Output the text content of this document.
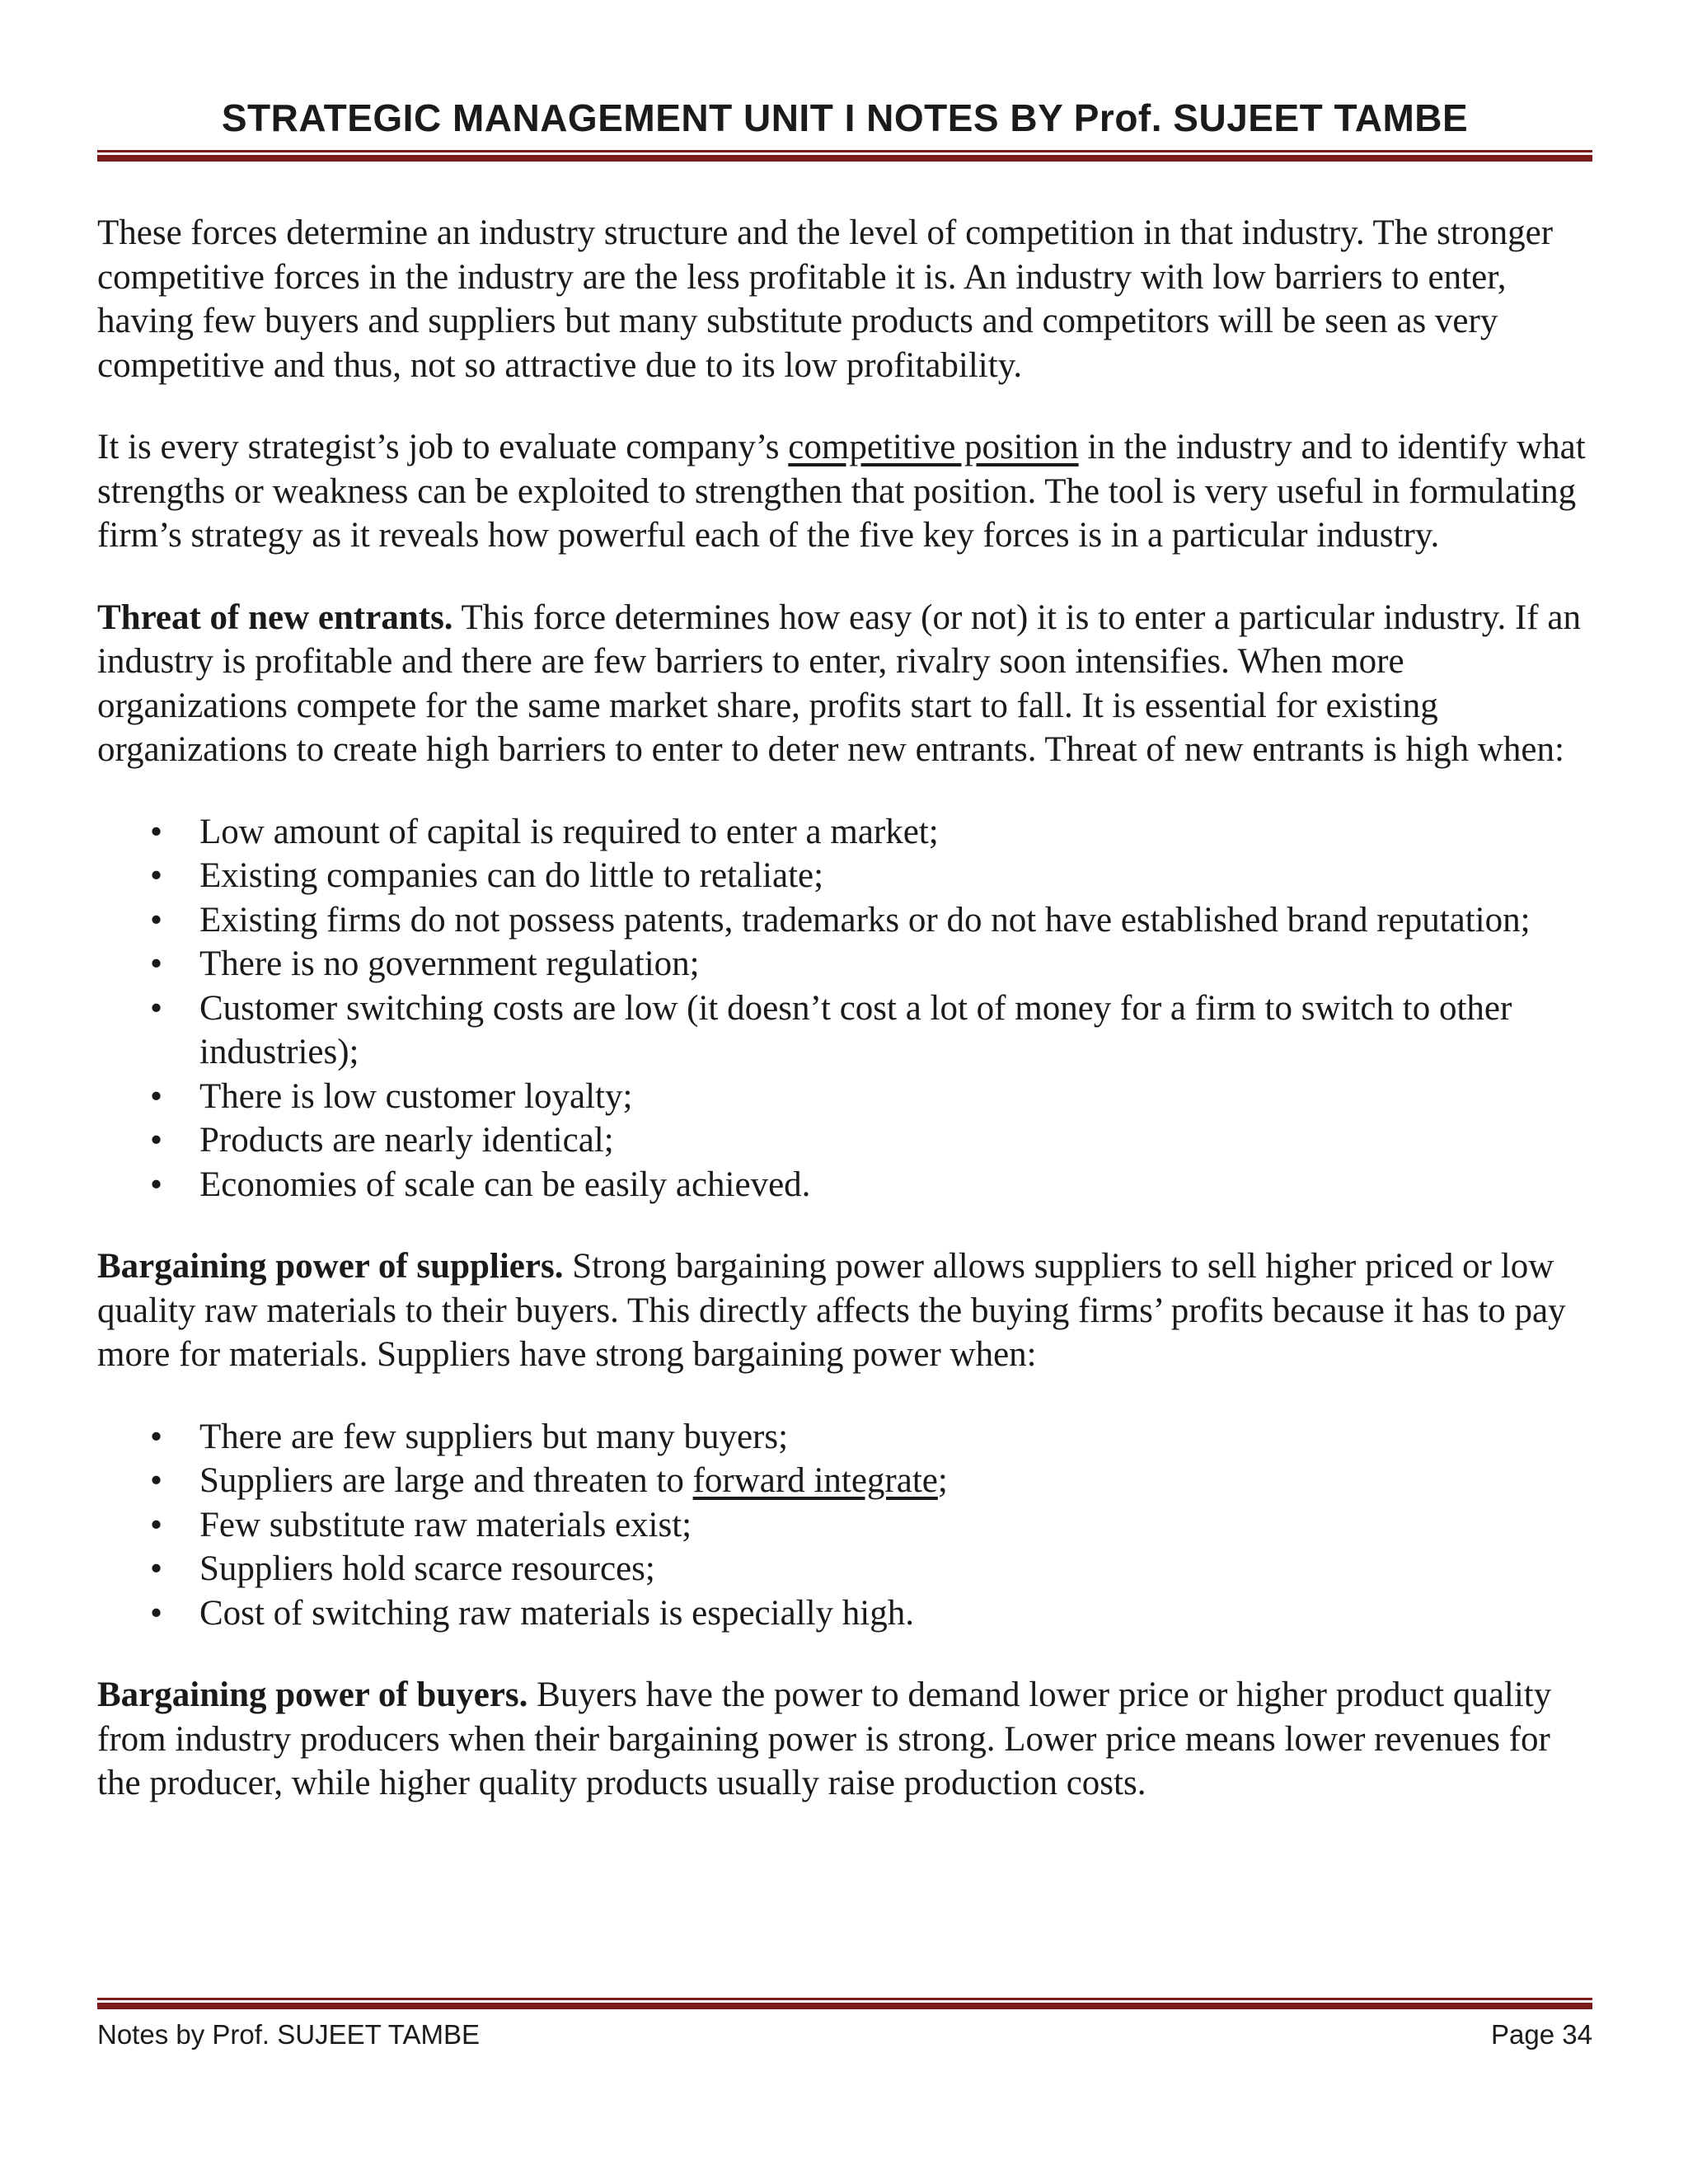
STRATEGIC MANAGEMENT UNIT I NOTES BY Prof. SUJEET TAMBE

These forces determine an industry structure and the level of competition in that industry. The stronger competitive forces in the industry are the less profitable it is. An industry with low barriers to enter, having few buyers and suppliers but many substitute products and competitors will be seen as very competitive and thus, not so attractive due to its low profitability.

It is every strategist’s job to evaluate company’s competitive position in the industry and to identify what strengths or weakness can be exploited to strengthen that position. The tool is very useful in formulating firm’s strategy as it reveals how powerful each of the five key forces is in a particular industry.

Threat of new entrants. This force determines how easy (or not) it is to enter a particular industry. If an industry is profitable and there are few barriers to enter, rivalry soon intensifies. When more organizations compete for the same market share, profits start to fall. It is essential for existing organizations to create high barriers to enter to deter new entrants. Threat of new entrants is high when:

• Low amount of capital is required to enter a market;
• Existing companies can do little to retaliate;
• Existing firms do not possess patents, trademarks or do not have established brand reputation;
• There is no government regulation;
• Customer switching costs are low (it doesn’t cost a lot of money for a firm to switch to other industries);
• There is low customer loyalty;
• Products are nearly identical;
• Economies of scale can be easily achieved.

Bargaining power of suppliers. Strong bargaining power allows suppliers to sell higher priced or low quality raw materials to their buyers. This directly affects the buying firms’ profits because it has to pay more for materials. Suppliers have strong bargaining power when:

• There are few suppliers but many buyers;
• Suppliers are large and threaten to forward integrate;
• Few substitute raw materials exist;
• Suppliers hold scarce resources;
• Cost of switching raw materials is especially high.

Bargaining power of buyers. Buyers have the power to demand lower price or higher product quality from industry producers when their bargaining power is strong. Lower price means lower revenues for the producer, while higher quality products usually raise production costs.

Notes by Prof. SUJEET TAMBE	Page 34
